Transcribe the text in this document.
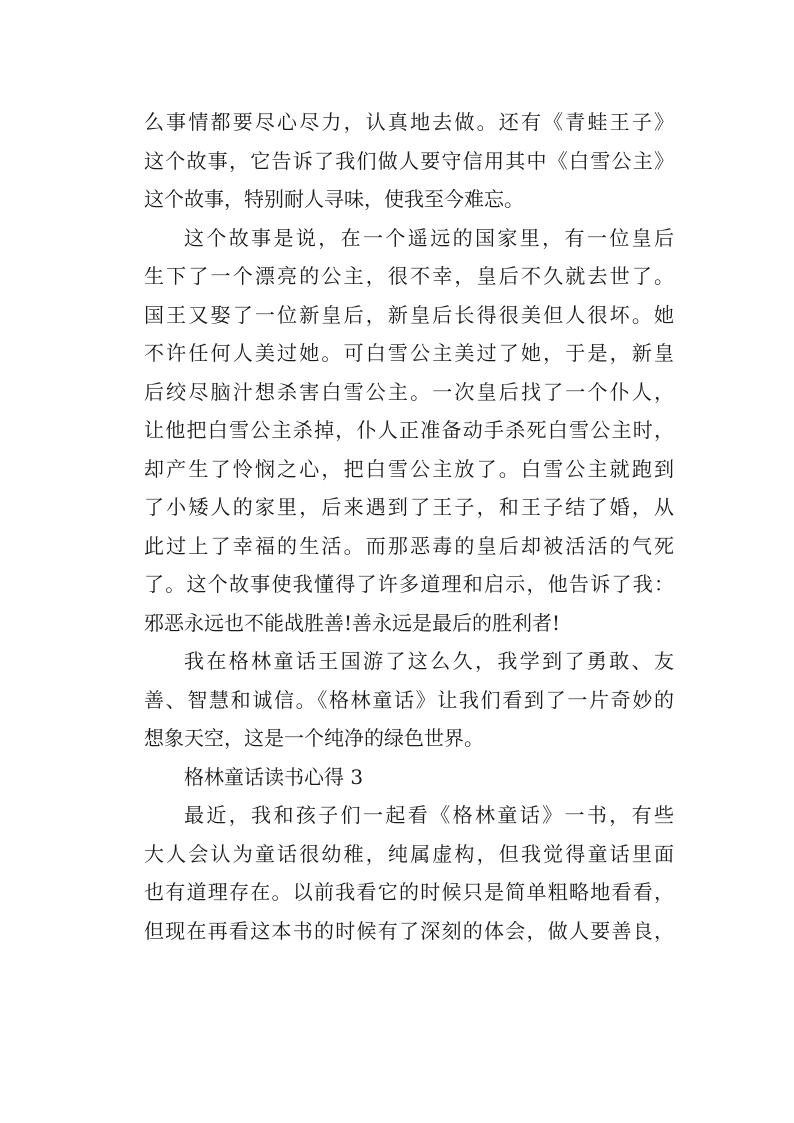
么事情都要尽心尽力，认真地去做。还有《青蛙王子》
这个故事，它告诉了我们做人要守信用其中《白雪公主》
这个故事，特别耐人寻味，使我至今难忘。
这个故事是说，在一个遥远的国家里，有一位皇后
生下了一个漂亮的公主，很不幸，皇后不久就去世了。
国王又娶了一位新皇后，新皇后长得很美但人很坏。她
不许任何人美过她。可白雪公主美过了她，于是，新皇
后绞尽脑汁想杀害白雪公主。一次皇后找了一个仆人，
让他把白雪公主杀掉，仆人正准备动手杀死白雪公主时，
却产生了怜悯之心，把白雪公主放了。白雪公主就跑到
了小矮人的家里，后来遇到了王子，和王子结了婚，从
此过上了幸福的生活。而那恶毒的皇后却被活活的气死
了。这个故事使我懂得了许多道理和启示，他告诉了我：
邪恶永远也不能战胜善!善永远是最后的胜利者!
我在格林童话王国游了这么久，我学到了勇敢、友
善、智慧和诚信。《格林童话》让我们看到了一片奇妙的
想象天空，这是一个纯净的绿色世界。
格林童话读书心得 3
最近，我和孩子们一起看《格林童话》一书，有些
大人会认为童话很幼稚，纯属虚构，但我觉得童话里面
也有道理存在。以前我看它的时候只是简单粗略地看看，
但现在再看这本书的时候有了深刻的体会，做人要善良，
